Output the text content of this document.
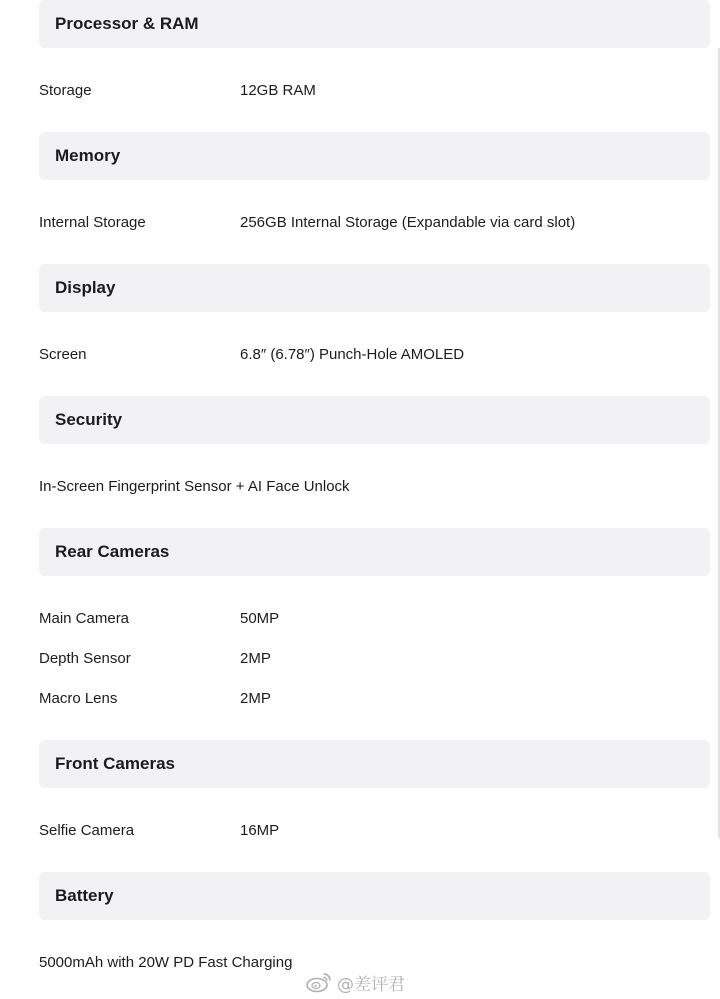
Processor & RAM
Storage	12GB RAM
Memory
Internal Storage	256GB Internal Storage (Expandable via card slot)
Display
Screen	6.8″ (6.78″) Punch-Hole AMOLED
Security
In-Screen Fingerprint Sensor + AI Face Unlock
Rear Cameras
Main Camera	50MP
Depth Sensor	2MP
Macro Lens	2MP
Front Cameras
Selfie Camera	16MP
Battery
5000mAh with 20W PD Fast Charging
@差评君
